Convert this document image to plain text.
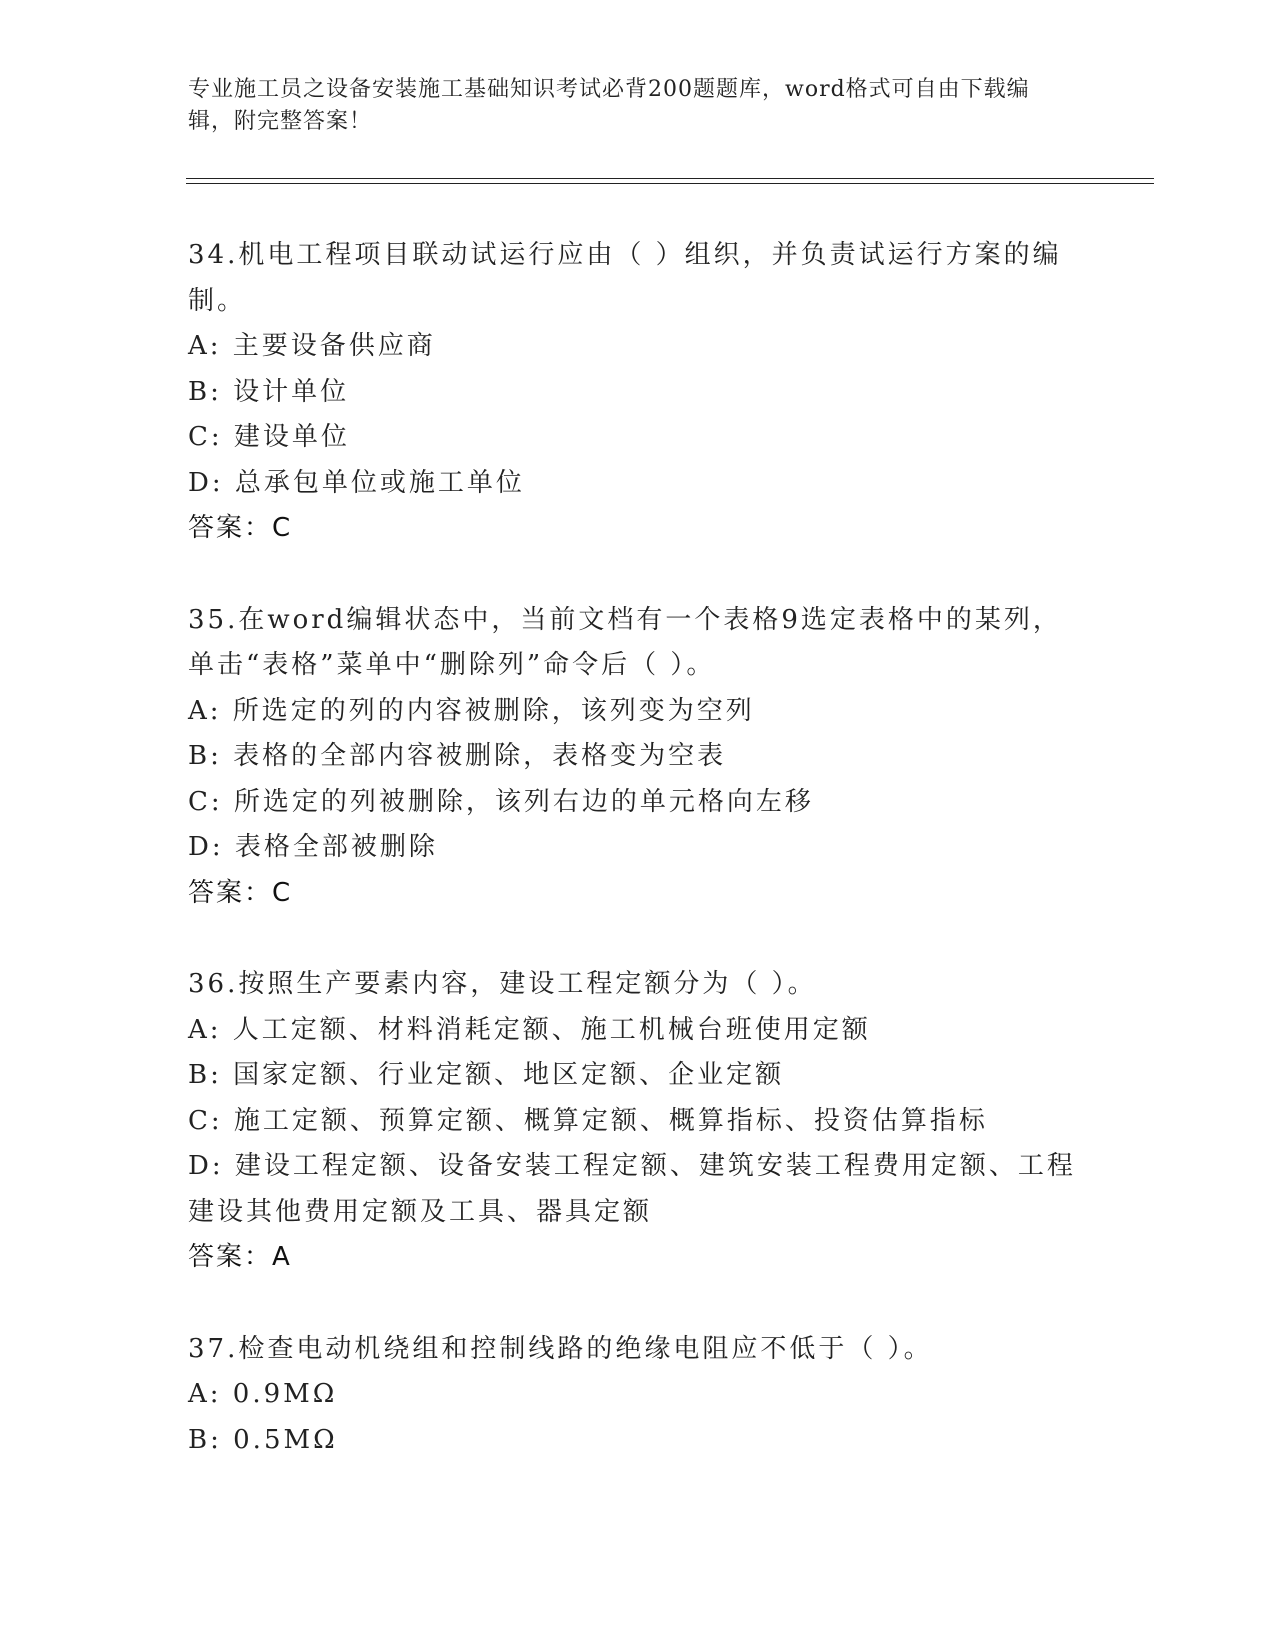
专业施工员之设备安装施工基础知识考试必背200题题库，word格式可自由下载编辑，附完整答案！

34.机电工程项目联动试运行应由（ ）组织，并负责试运行方案的编

制。

A: 主要设备供应商

B: 设计单位

C: 建设单位

D: 总承包单位或施工单位

答案：C

35.在word编辑状态中，当前文档有一个表格9选定表格中的某列，

单击“表格”菜单中“删除列”命令后（ ）。

A: 所选定的列的内容被删除，该列变为空列

B: 表格的全部内容被删除，表格变为空表

C: 所选定的列被删除，该列右边的单元格向左移

D: 表格全部被删除

答案：C

36.按照生产要素内容，建设工程定额分为（ ）。

A: 人工定额、材料消耗定额、施工机械台班使用定额

B: 国家定额、行业定额、地区定额、企业定额

C: 施工定额、预算定额、概算定额、概算指标、投资估算指标

D: 建设工程定额、设备安装工程定额、建筑安装工程费用定额、工程

建设其他费用定额及工具、器具定额

答案：A

37.检查电动机绕组和控制线路的绝缘电阻应不低于（ ）。

A: 0.9MΩ

B: 0.5MΩ
